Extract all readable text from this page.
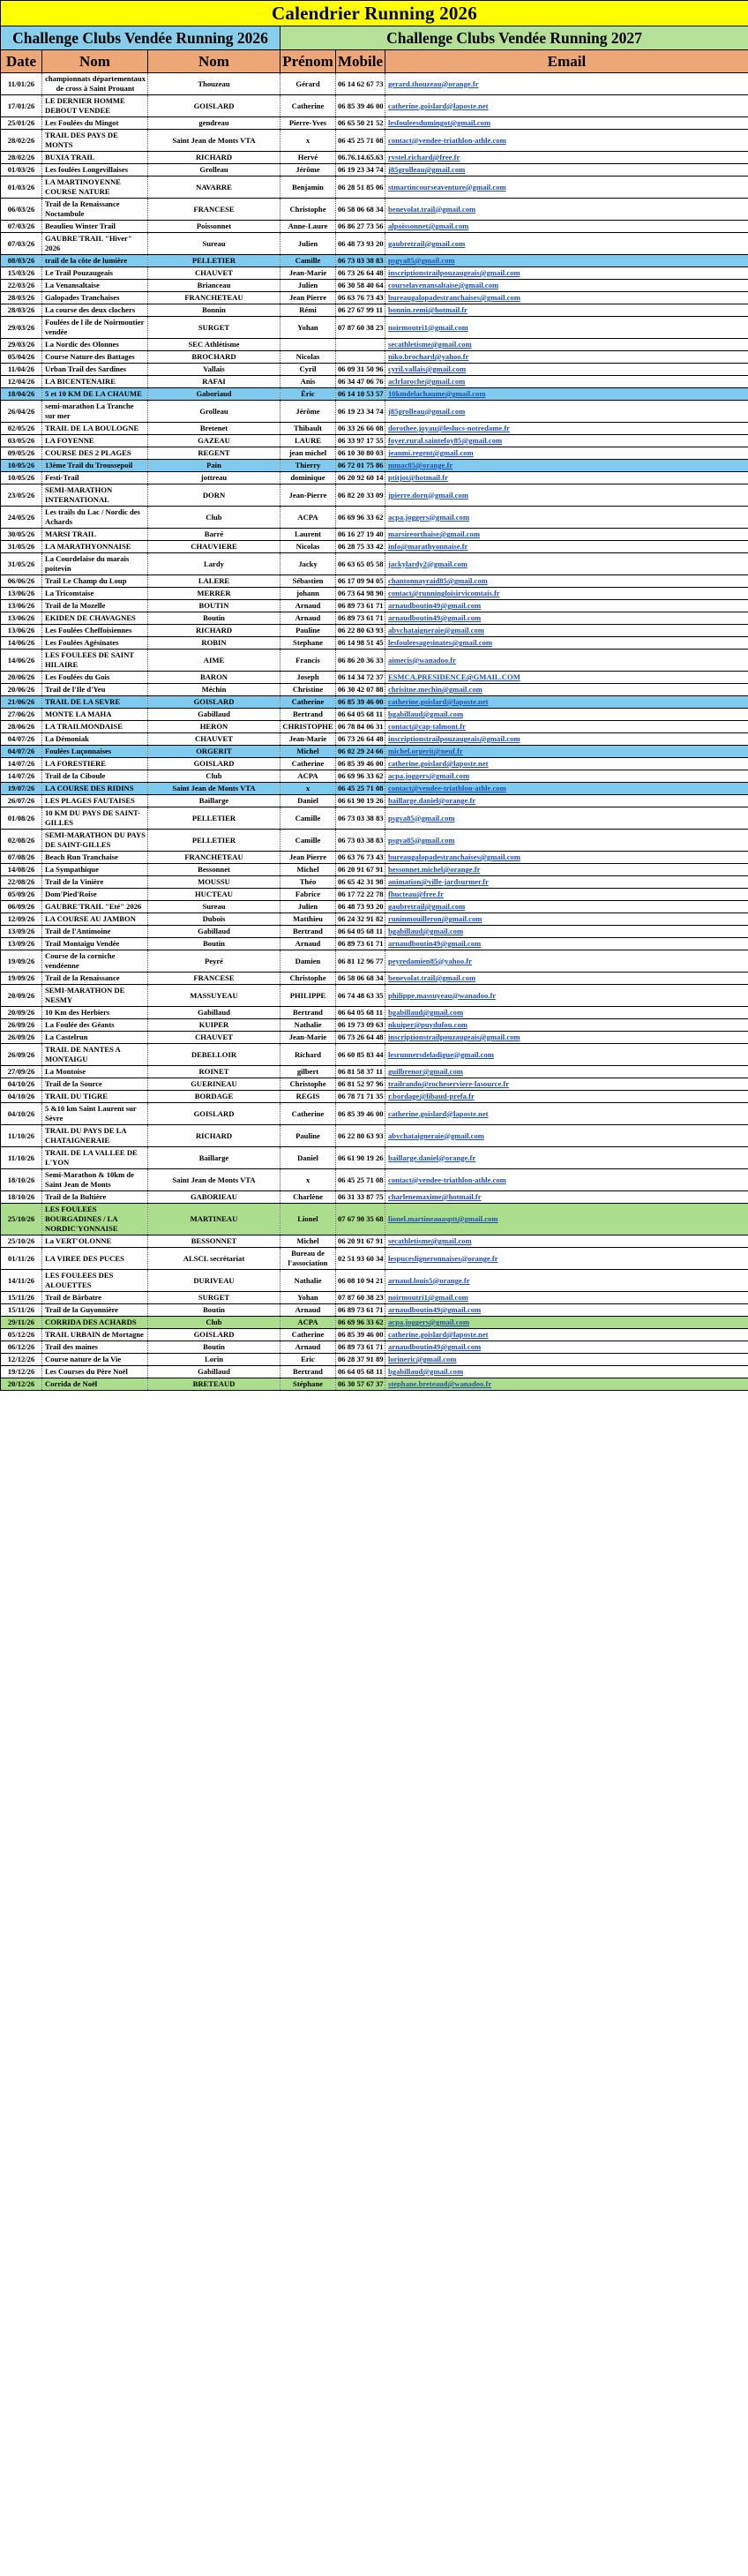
Calendrier Running 2026					
Challenge Clubs Vendée Running 2026			Challenge Clubs Vendée Running 2027		
Date	Nom	Nom	Prénom	Mobile	Email
11/01/26	championnats départementaux de cross à Saint Prouant	Thouzeau	Gérard	06 14 62 67 73	gerard.thouzeau@orange.fr
17/01/26	LE DERNIER HOMME DEBOUT VENDEE	GOISLARD	Catherine	06 85 39 46 00	catherine.goislard@laposte.net
25/01/26	Les Foulées du Mingot	gendreau	Pierre-Yves	06 65 50 21 52	lesfouleesdumingot@gmail.com
28/02/26	TRAIL DES PAYS DE MONTS	Saint Jean de Monts VTA	x	06 45 25 71 08	contact@vendee-triathlon-athle.com
28/02/26	BUXIA TRAIL	RICHARD	Hervé	06.76.14.65.63	rvstel.richard@free.fr
01/03/26	Les foulées Longevillaises	Grolleau	Jérôme	06 19 23 34 74	j85grolleau@gmail.com
01/03/26	LA MARTINOYENNE COURSE NATURE	NAVARRE	Benjamin	06 28 51 85 06	stmartincourseaventure@gmail.com
06/03/26	Trail de la Renaissance Noctambule	FRANCESE	Christophe	06 58 06 68 34	benevolat.trail@gmail.com
07/03/26	Beaulieu Winter Trail	Poissonnet	Anne-Laure	06 86 27 73 56	alpoissonnet@gmail.com
07/03/26	GAUBRE'TRAIL "Hiver" 2026	Sureau	Julien	06 48 73 93 20	gaubretrail@gmail.com
08/03/26	trail de la côte de lumière	PELLETIER	Camille	06 73 03 38 83	psgva85@gmail.com
15/03/26	Le Trail Pouzaugeais	CHAUVET	Jean-Marie	06 73 26 64 48	inscriptionstrailpouzaugeais@gmail.com
22/03/26	La Venansaltaise	Brianceau	Julien	06 30 58 40 64	courselavenansaltaise@gmail.com
28/03/26	Galopades Tranchaises	FRANCHETEAU	Jean Pierre	06 63 76 73 43	bureaugalopadestranchaises@gmail.com
28/03/26	La course des deux clochers	Bonnin	Rémi	06 27 67 99 11	bonnin.remi@hotmail.fr
29/03/26	Foulées de l ile de Noirmoutier vendée	SURGET	Yohan	07 87 60 38 23	noirmoutri1@gmail.com
29/03/26	La Nordic des Olonnes	SEC Athlétisme			secathletisme@gmail.com
05/04/26	Course Nature des Battages	BROCHARD	Nicolas		niko.brochard@yahoo.fr
11/04/26	Urban Trail des Sardines	Vallais	Cyril	06 09 31 50 96	cyril.vallais@gmail.com
12/04/26	LA BICENTENAIRE	RAFAI	Anis	06 34 47 06 76	aclrlaroche@gmail.com
18/04/26	5 et 10 KM DE LA CHAUME	Gaboriaud	Éric	06 14 10 53 57	10kmdelachaume@gmail.com
26/04/26	semi-marathon La Tranche sur mer	Grolleau	Jérôme	06 19 23 34 74	j85grolleau@gmail.com
02/05/26	TRAIL DE LA BOULOGNE	Bretenet	Thibault	06 33 26 66 08	dorothee.joyau@leslucs-notredame.fr
03/05/26	LA FOYENNE	GAZEAU	LAURE	06 33 97 17 55	foyer.rural.saintefoy85@gmail.com
09/05/26	COURSE DES 2 PLAGES	REGENT	jean michel	06 10 30 80 03	jeanmi.regent@gmail.com
10/05/26	13ème Trail du Troussepoil	Pain	Thierry	06 72 01 75 86	mmac85@orange.fr
10/05/26	Festi-Trail	jottreau	dominique	06 20 92 60 14	ptitjot@hotmail.fr
23/05/26	SEMI-MARATHON INTERNATIONAL	DORN	Jean-Pierre	06 82 20 33 09	jpierre.dorn@gmail.com
24/05/26	Les trails du Lac / Nordic des Achards	Club	ACPA	06 69 96 33 62	acpa.joggers@gmail.com
30/05/26	MARSI TRAIL	Barré	Laurent	06 16 27 19 40	marsireorthaise@gmail.com
31/05/26	LA MARATHYONNAISE	CHAUVIERE	Nicolas	06 28 75 33 42	info@marathyonnaise.fr
31/05/26	La Courdelaise du marais poitevin	Lardy	Jacky	06 63 65 05 58	jackylardy2@gmail.com
06/06/26	Trail Le Champ du Loup	LALERE	Sébastien	06 17 09 94 05	chantonnayraid85@gmail.com
13/06/26	La Tricomtaise	MERRER	johann	06 73 64 98 90	contact@runningloisirvicomtais.fr
13/06/26	Trail de la Mozelle	BOUTIN	Arnaud	06 89 73 61 71	arnaudboutin49@gmail.com
13/06/26	EKIDEN DE CHAVAGNES	Boutin	Arnaud	06 89 73 61 71	arnaudboutin49@gmail.com
13/06/26	Les Foulées Cheffoisiennes	RICHARD	Pauline	06 22 80 63 93	abvchataigneraie@gmail.com
14/06/26	Les Foulées Agésinates	ROBIN	Stephane	06 14 98 51 45	lesfouleesagesinates@gmail.com
14/06/26	LES FOULEES DE SAINT HILAIRE	AIME	Francis	06 86 20 36 33	aimecis@wanadoo.fr
20/06/26	Les Foulées du Gois	BARON	Joseph	06 14 34 72 37	ESMCA.PRESIDENCE@GMAIL.COM
20/06/26	Trail de l'Ile d'Yeu	Méchin	Christine	06 30 42 07 88	chrisitne.mechin@gmail.com
21/06/26	TRAIL DE LA SEVRE	GOISLARD	Catherine	06 85 39 46 00	catherine.goislard@laposte.net
27/06/26	MONTE LA MAHA	Gabillaud	Bertrand	06 64 05 68 11	bgabillaud@gmail.com
28/06/26	LA TRAILMONDAISE	HERON	CHRISTOPHE	06 78 84 06 31	contact@cap-talmont.fr
04/07/26	La Démoniak	CHAUVET	Jean-Marie	06 73 26 64 48	inscriptionstrailpouzaugeais@gmail.com
04/07/26	Foulées Luçonnaises	ORGERIT	Michel	06 02 29 24 66	michel.orgerit@neuf.fr
14/07/26	LA FORESTIERE	GOISLARD	Catherine	06 85 39 46 00	catherine.goislard@laposte.net
14/07/26	Trail de la Ciboule	Club	ACPA	06 69 96 33 62	acpa.joggers@gmail.com
19/07/26	LA COURSE DES RIDINS	Saint Jean de Monts VTA	x	06 45 25 71 08	contact@vendee-triathlon-athle.com
26/07/26	LES PLAGES FAUTAISES	Baillarge	Daniel	06 61 90 19 26	baillarge.daniel@orange.fr
01/08/26	10 KM DU PAYS DE SAINT-GILLES	PELLETIER	Camille	06 73 03 38 83	psgva85@gmail.com
02/08/26	SEMI-MARATHON DU PAYS DE SAINT-GILLES	PELLETIER	Camille	06 73 03 38 83	psgva85@gmail.com
07/08/26	Beach Run Tranchaise	FRANCHETEAU	Jean Pierre	06 63 76 73 43	bureaugalopadestranchaises@gmail.com
14/08/26	La Sympathique	Bessonnet	Michel	06 20 91 67 91	bessonnet.michel@orange.fr
22/08/26	Trail de la Vinière	MOUSSU	Théo	06 65 42 31 98	animation@ville-jardsurmer.fr
05/09/26	Dom'Pied'Roise	HUCTEAU	Fabrice	06 17 72 22 78	fhucteau@free.fr
06/09/26	GAUBRE'TRAIL "Eté" 2026	Sureau	Julien	06 48 73 93 20	gaubretrail@gmail.com
12/09/26	LA COURSE AU JAMBON	Dubois	Matthieu	06 24 32 91 82	runinmouilleron@gmail.com
13/09/26	Trail de l'Antimoine	Gabillaud	Bertrand	06 64 05 68 11	bgabillaud@gmail.com
13/09/26	Trail Montaigu Vendée	Boutin	Arnaud	06 89 73 61 71	arnaudboutin49@gmail.com
19/09/26	Course de la corniche vendéenne	Peyré	Damien	06 81 12 96 77	peyredamien85@yahoo.fr
19/09/26	Trail de la Renaissance	FRANCESE	Christophe	06 58 06 68 34	benevolat.trail@gmail.com
20/09/26	SEMI-MARATHON DE NESMY	MASSUYEAU	PHILIPPE	06 74 48 63 35	philippe.massuyeau@wanadoo.fr
20/09/26	10 Km des Herbiers	Gabillaud	Bertrand	06 64 05 68 11	bgabillaud@gmail.com
26/09/26	La Foulée des Géants	KUIPER	Nathalie	06 19 73 09 63	nkuiper@puydufou.com
26/09/26	La Castelrun	CHAUVET	Jean-Marie	06 73 26 64 48	inscriptionstrailpouzaugeais@gmail.com
26/09/26	TRAIL DE NANTES A MONTAIGU	DEBELLOIR	Richard	06 60 85 83 44	lesrunnersdeladigue@gmail.com
27/09/26	La Montoise	ROINET	gilbert	06 81 58 37 11	guilbrenor@gmail.com
04/10/26	Trail de la Source	GUERINEAU	Christophe	06 81 52 97 96	trailrando@rocheserviere-lasource.fr
04/10/26	TRAIL DU TIGRE	BORDAGE	REGIS	06 78 71 71 35	r.bordage@libaud-prefa.fr
04/10/26	5 &10 km Saint Laurent sur Sèvre	GOISLARD	Catherine	06 85 39 46 00	catherine.goislard@laposte.net
11/10/26	TRAIL DU PAYS DE LA CHATAIGNERAIE	RICHARD	Pauline	06 22 80 63 93	abvchataigneraie@gmail.com
11/10/26	TRAIL DE LA VALLEE DE L'YON	Baillarge	Daniel	06 61 90 19 26	baillarge.daniel@orange.fr
18/10/26	Semi-Marathon & 10km de Saint Jean de Monts	Saint Jean de Monts VTA	x	06 45 25 71 08	contact@vendee-triathlon-athle.com
18/10/26	Trail de la Bultière	GABORIEAU	Charlène	06 31 33 87 75	charlenemaxime@hotmail.fr
25/10/26	LES FOULEES BOURGADINES / LA NORDIC'YONNAISE	MARTINEAU	Lionel	07 67 90 35 68	lionel.martineauasptt@gmail.com
25/10/26	La VERT'OLONNE	BESSONNET	Michel	06 20 91 67 91	secathletisme@gmail.com
01/11/26	LA VIREE DES PUCES	ALSCL secrétariat	Bureau de l'association	02 51 93 60 34	lespucesligneronnaises@orange.fr
14/11/26	LES FOULEES DES ALOUETTES	DURIVEAU	Nathalie	06 08 10 94 21	arnaud.louis5@orange.fr
15/11/26	Trail de Bârbatre	SURGET	Yohan	07 87 60 38 23	noirmoutri1@gmail.com
15/11/26	Trail de la Guyonnière	Boutin	Arnaud	06 89 73 61 71	arnaudboutin49@gmail.com
29/11/26	CORRIDA DES ACHARDS	Club	ACPA	06 69 96 33 62	acpa.joggers@gmail.com
05/12/26	TRAIL URBAIN de Mortagne	GOISLARD	Catherine	06 85 39 46 00	catherine.goislard@laposte.net
06/12/26	Trail des maines	Boutin	Arnaud	06 89 73 61 71	arnaudboutin49@gmail.com
12/12/26	Course nature de la Vie	Lorin	Eric	06 28 37 91 89	lorineric@gmail.com
19/12/26	Les Courses du Père Noël	Gabillaud	Bertrand	06 64 05 68 11	bgabillaud@gmail.com
20/12/26	Corrida de Noël	BRETEAUD	Stéphane	06 30 57 67 37	stephane.breteaud@wanadoo.fr
